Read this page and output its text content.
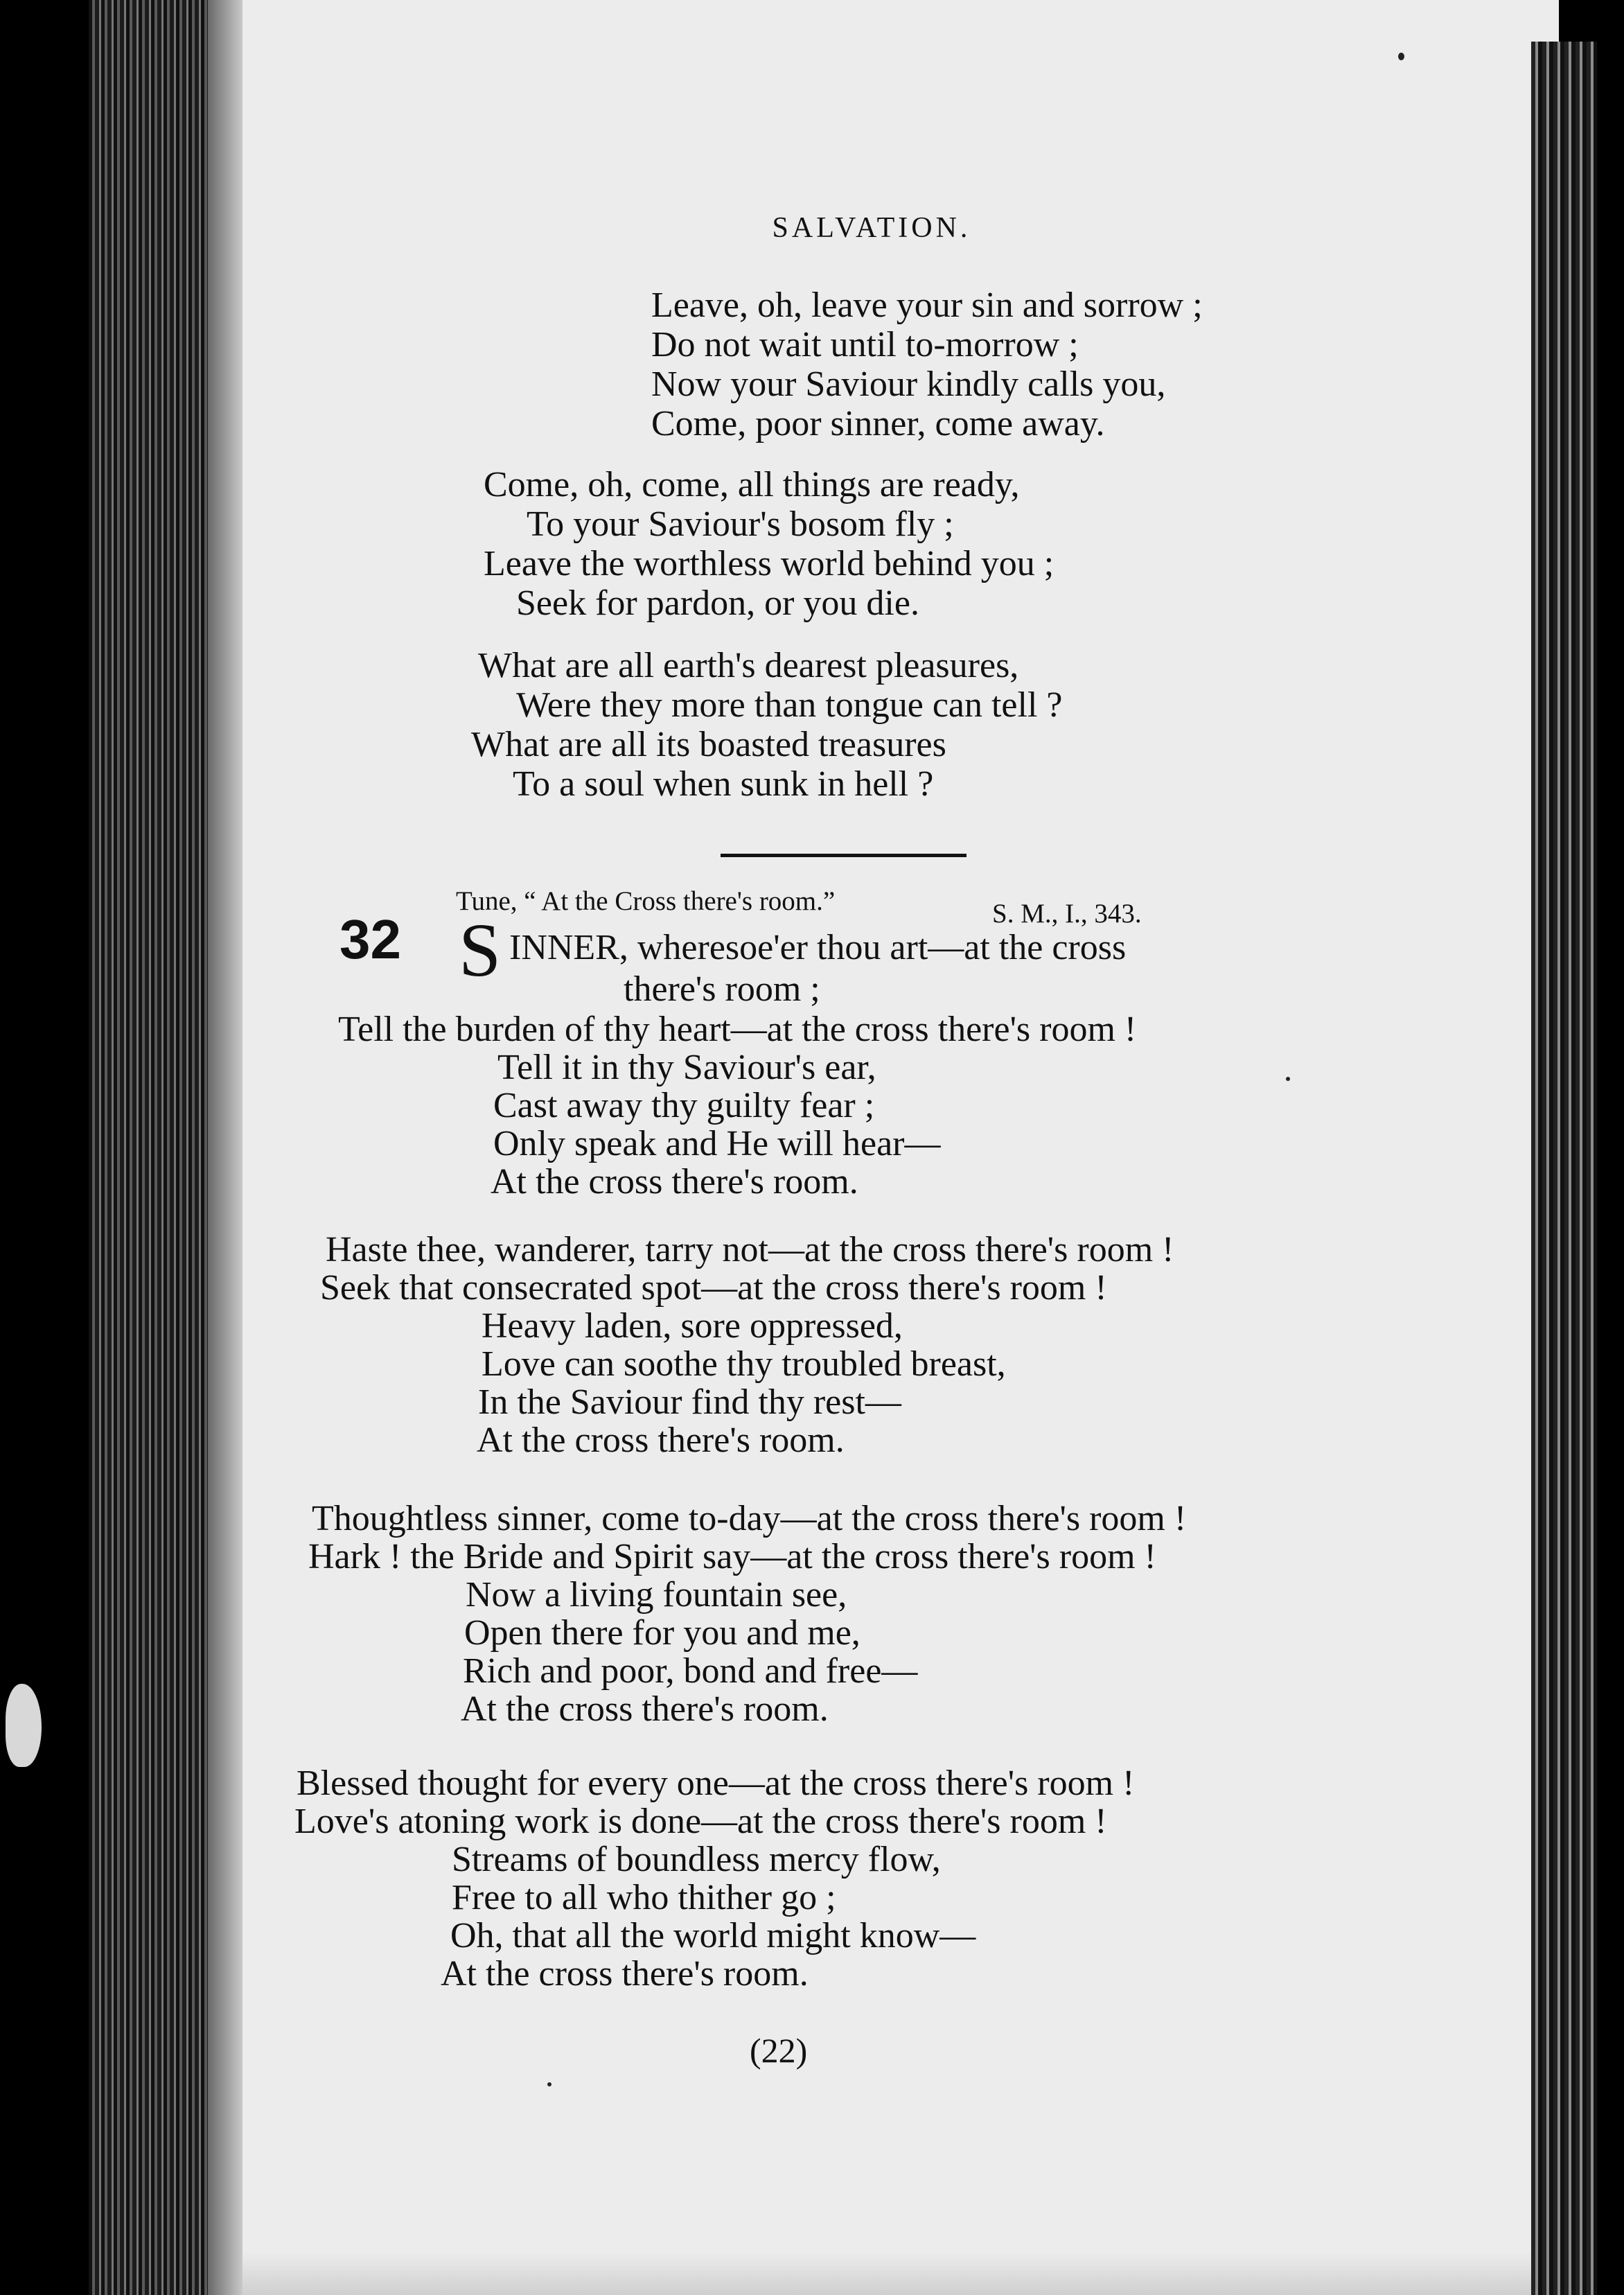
SALVATION.
Leave, oh, leave your sin and sorrow ;
Do not wait until to-morrow ;
Now your Saviour kindly calls you,
Come, poor sinner, come away.
Come, oh, come, all things are ready,
To your Saviour's bosom fly ;
Leave the worthless world behind you ;
Seek for pardon, or you die.
What are all earth's dearest pleasures,
Were they more than tongue can tell ?
What are all its boasted treasures
To a soul when sunk in hell ?
Tune, “ At the Cross there's room.”	S. M., I., 343.
32 S INNER, wheresoe'er thou art—at the cross
there's room ;
Tell the burden of thy heart—at the cross there's room !
Tell it in thy Saviour's ear,
Cast away thy guilty fear ;
Only speak and He will hear—
At the cross there's room.
Haste thee, wanderer, tarry not—at the cross there's room !
Seek that consecrated spot—at the cross there's room !
Heavy laden, sore oppressed,
Love can soothe thy troubled breast,
In the Saviour find thy rest—
At the cross there's room.
Thoughtless sinner, come to-day—at the cross there's room !
Hark ! the Bride and Spirit say—at the cross there's room !
Now a living fountain see,
Open there for you and me,
Rich and poor, bond and free—
At the cross there's room.
Blessed thought for every one—at the cross there's room !
Love's atoning work is done—at the cross there's room !
Streams of boundless mercy flow,
Free to all who thither go ;
Oh, that all the world might know—
At the cross there's room.
(22)
